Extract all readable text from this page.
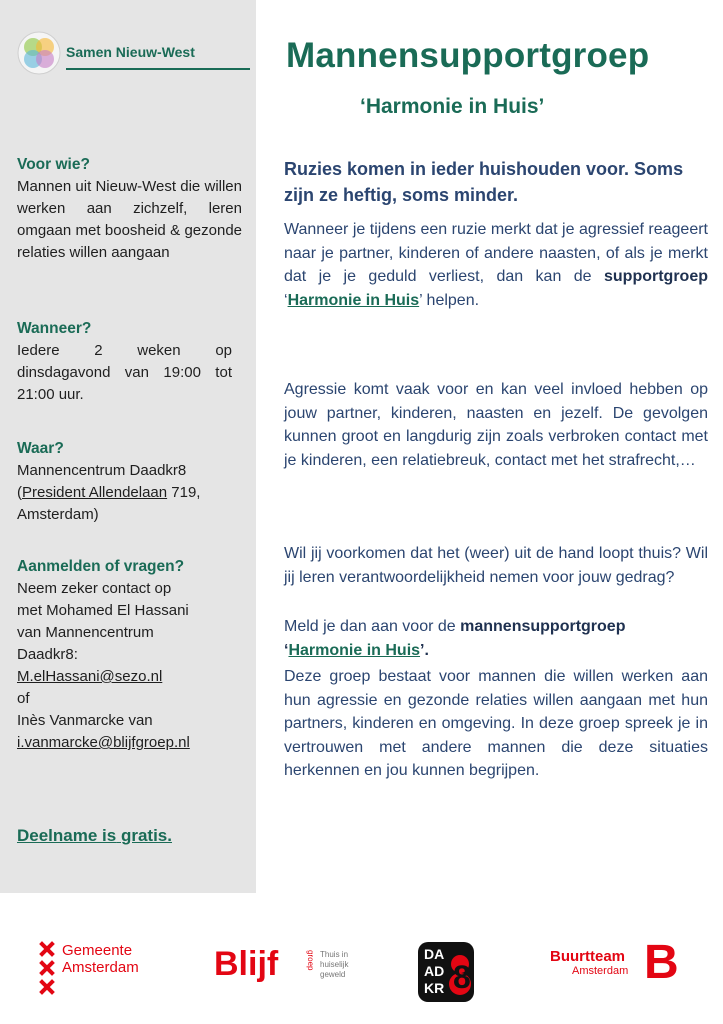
Samen Nieuw-West
Voor wie?
Mannen uit Nieuw-West die willen werken aan zichzelf, leren omgaan met boosheid & gezonde relaties willen aangaan
Wanneer?
Iedere 2 weken op dinsdagavond van 19:00 tot 21:00 uur.
Waar?
Mannencentrum Daadkr8
(President Allendelaan 719,
Amsterdam)
Aanmelden of vragen?
Neem zeker contact op
met Mohamed El Hassani
van Mannencentrum
Daadkr8:
M.elHassani@sezo.nl
of
Inès Vanmarcke van
i.vanmarcke@blijfgroep.nl
Deelname is gratis.
Mannensupportgroep
‘Harmonie in Huis’
Ruzies komen in ieder huishouden voor. Soms zijn ze heftig, soms minder.
Wanneer je tijdens een ruzie merkt dat je agressief reageert naar je partner, kinderen of andere naasten, of als je merkt dat je je geduld verliest, dan kan de supportgroep ‘Harmonie in Huis’ helpen.
Agressie komt vaak voor en kan veel invloed hebben op jouw partner, kinderen, naasten en jezelf. De gevolgen kunnen groot en langdurig zijn zoals verbroken contact met je kinderen, een relatiebreuk, contact met het strafrecht,…
Wil jij voorkomen dat het (weer) uit de hand loopt thuis? Wil jij leren verantwoordelijkheid nemen voor jouw gedrag?
Meld je dan aan voor de mannensupportgroep
‘Harmonie in Huis’.
Deze groep bestaat voor mannen die willen werken aan hun agressie en gezonde relaties willen aangaan met hun partners, kinderen en omgeving. In deze groep spreek je in vertrouwen met andere mannen die deze situaties herkennen en jou kunnen begrijpen.
Gemeente
Amsterdam Blijf	groep Thuis in
huiselijk
geweld
DA
AD
KR 8
Buurtteam
Amsterdam B
